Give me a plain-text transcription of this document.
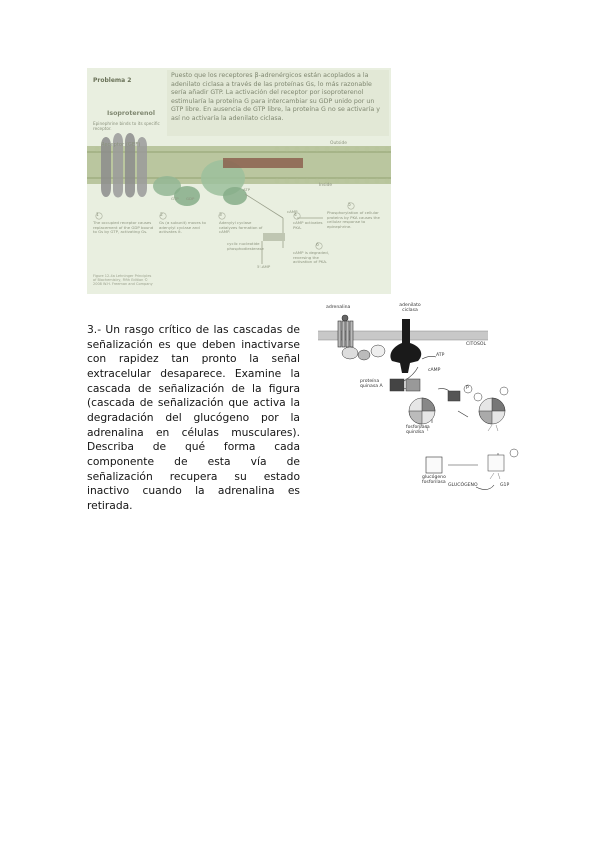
Problema 2
Puesto que los receptores β-adrenérgicos están acoplados a la adenilato ciclasa a través de las proteínas Gs, lo más razonable sería añadir GTP. La activación del receptor por isoproterenol estimularía la proteína G para intercambiar su GDP unido por un GTP libre. En ausencia de GTP libre, la proteína G no se activaría y así no activaría la adenilato ciclasa.
Isoproterenol
Epinephrine binds to its specific receptor.
Receptor (GEF)	Outside
Inside
1	2	3	4
5
6
The occupied receptor causes replacement of the GDP bound to Gs by GTP, activating Gs.
Gs (α subunit) moves to adenylyl cyclase and activates it.
Adenylyl cyclase catalyzes formation of cAMP.
cAMP activates PKA.
Phosphorylation of cellular proteins by PKA causes the cellular response to epinephrine.
cAMP is degraded, reversing the activation of PKA.
cyclic nucleotide phosphodiesterase
5'-AMP
cAMP
ATP
GTP GDP
Figure 12-4a Lehninger Principles of Biochemistry, Fifth Edition © 2008 W.H. Freeman and Company
3.- Un rasgo crítico de las cascadas de señalización es que deben inactivarse con rapidez tan pronto la señal extracelular desaparece. Examine la cascada de señalización de la figura (cascada de señalización que activa la degradación del glucógeno por la adrenalina en células musculares). Describa de qué forma cada componente de esta vía de señalización recupera su estado inactivo cuando la adrenalina es retirada.
adrenalina	adenilato
ciclasa
CITOSOL
ATP
cAMP
proteína
quinasa A
fosforilasa
quinasa
glucógeno
fosforilasa
GLUCÓGENO	G1P
P
